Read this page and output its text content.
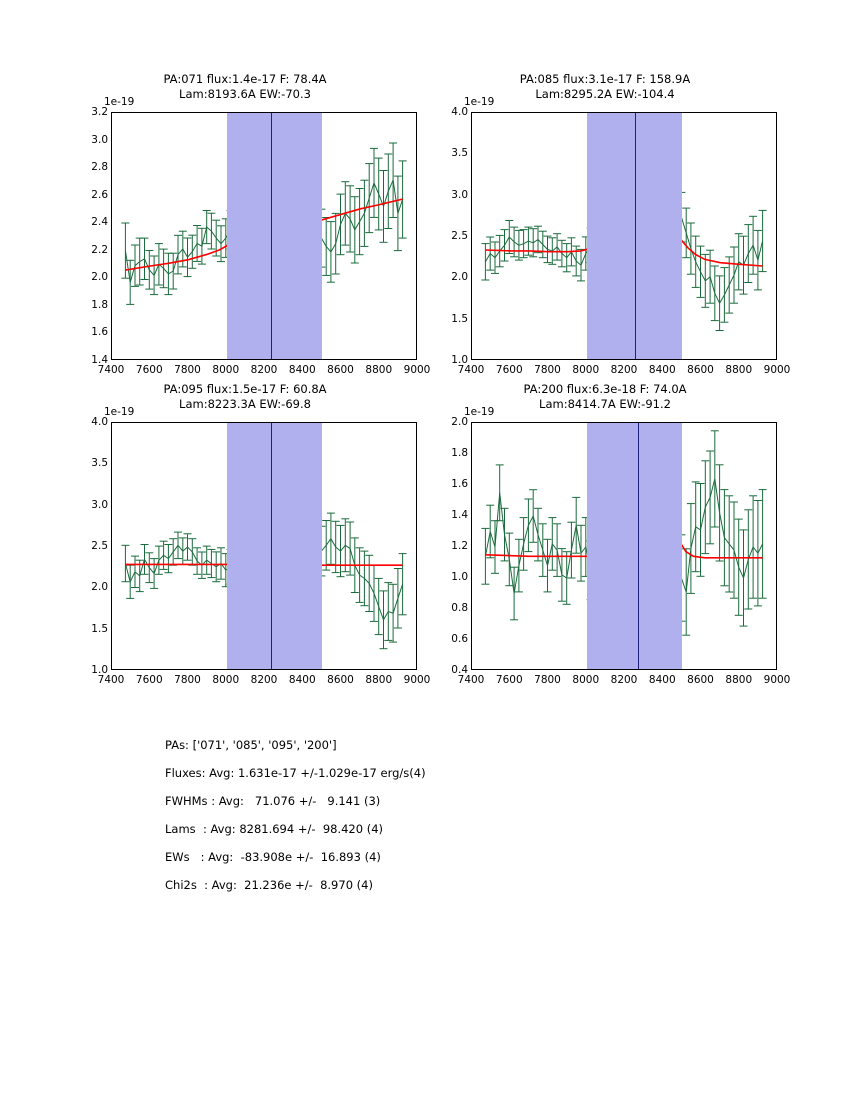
PA:071 flux:1.4e-17 F: 78.4A
Lam:8193.6A EW:-70.3
1e-19
1.4
1.6
1.8
2.0
2.2
2.4
2.6
2.8
3.0
3.2
7400 7600 7800 8000 8200 8400 8600 8800 9000
PA:085 flux:3.1e-17 F: 158.9A
Lam:8295.2A EW:-104.4
1e-19
1.0
1.5
2.0
2.5
3.0
3.5
4.0
7400 7600 7800 8000 8200 8400 8600 8800 9000
PA:095 flux:1.5e-17 F: 60.8A
Lam:8223.3A EW:-69.8
1e-19
1.0
1.5
2.0
2.5
3.0
3.5
4.0
7400 7600 7800 8000 8200 8400 8600 8800 9000
PA:200 flux:6.3e-18 F: 74.0A
Lam:8414.7A EW:-91.2
1e-19
0.4
0.6
0.8
1.0
1.2
1.4
1.6
1.8
2.0
7400 7600 7800 8000 8200 8400 8600 8800 9000
PAs: ['071', '085', '095', '200']
Fluxes: Avg: 1.631e-17 +/-1.029e-17 erg/s(4)
FWHMs : Avg:   71.076 +/-   9.141 (3)
Lams  : Avg: 8281.694 +/-  98.420 (4)
EWs   : Avg:  -83.908e +/-  16.893 (4)
Chi2s  : Avg:  21.236e +/-  8.970 (4)
